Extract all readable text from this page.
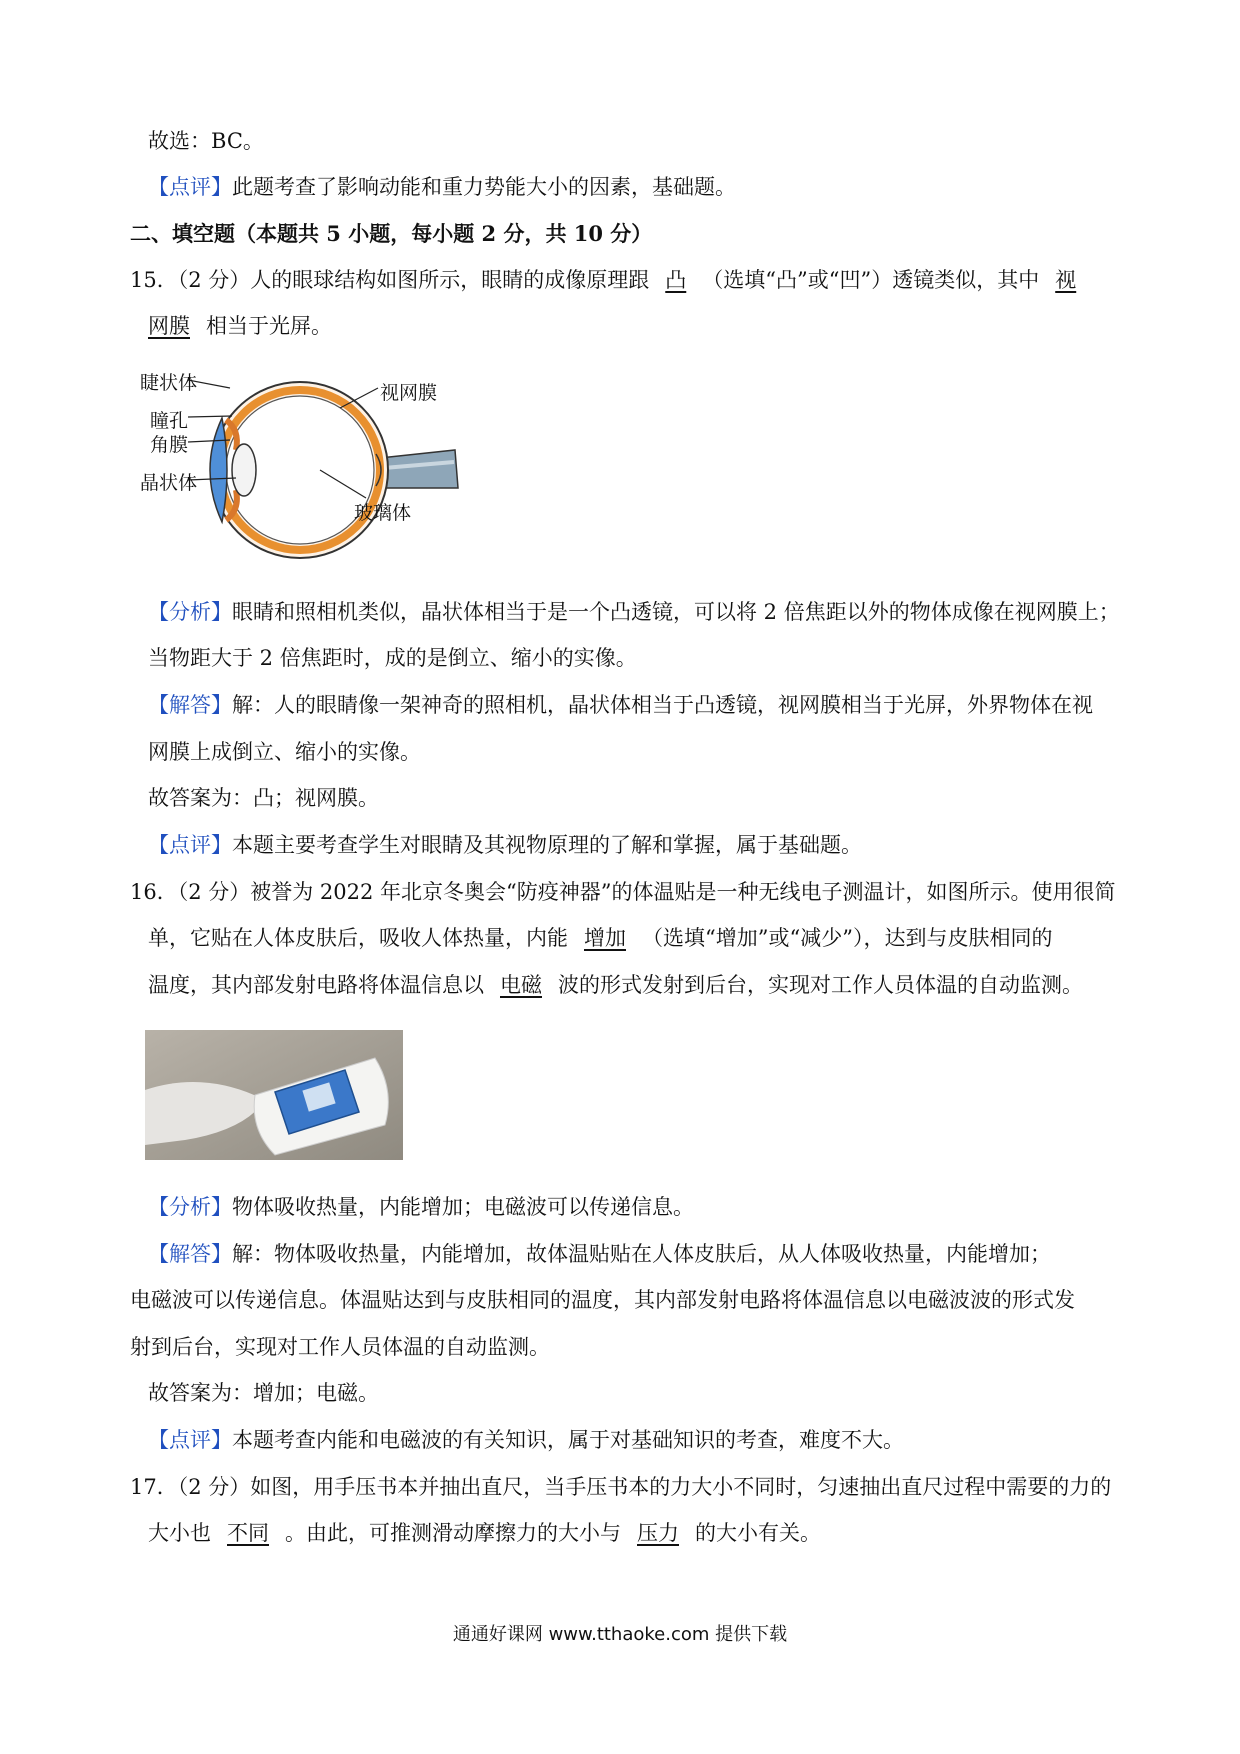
故选：BC。
【点评】此题考查了影响动能和重力势能大小的因素，基础题。
二、填空题（本题共 5 小题，每小题 2 分，共 10 分）
15．（2 分）人的眼球结构如图所示，眼睛的成像原理跟 凸 （选填“凸”或“凹”）透镜类似，其中 视
网膜 相当于光屏。
睫状体
瞳孔
角膜
晶状体
视网膜
玻璃体
【分析】眼睛和照相机类似，晶状体相当于是一个凸透镜，可以将 2 倍焦距以外的物体成像在视网膜上；
当物距大于 2 倍焦距时，成的是倒立、缩小的实像。
【解答】解：人的眼睛像一架神奇的照相机，晶状体相当于凸透镜，视网膜相当于光屏，外界物体在视
网膜上成倒立、缩小的实像。
故答案为：凸；视网膜。
【点评】本题主要考查学生对眼睛及其视物原理的了解和掌握，属于基础题。
16．（2 分）被誉为 2022 年北京冬奥会“防疫神器”的体温贴是一种无线电子测温计，如图所示。使用很简
单，它贴在人体皮肤后，吸收人体热量，内能 增加 （选填“增加”或“减少”），达到与皮肤相同的
温度，其内部发射电路将体温信息以 电磁 波的形式发射到后台，实现对工作人员体温的自动监测。
【分析】物体吸收热量，内能增加；电磁波可以传递信息。
【解答】解：物体吸收热量，内能增加，故体温贴贴在人体皮肤后，从人体吸收热量，内能增加；
电磁波可以传递信息。体温贴达到与皮肤相同的温度，其内部发射电路将体温信息以电磁波波的形式发
射到后台，实现对工作人员体温的自动监测。
故答案为：增加；电磁。
【点评】本题考查内能和电磁波的有关知识，属于对基础知识的考查，难度不大。
17．（2 分）如图，用手压书本并抽出直尺，当手压书本的力大小不同时，匀速抽出直尺过程中需要的力的
大小也 不同 。由此，可推测滑动摩擦力的大小与 压力 的大小有关。
通通好课网 www.tthaoke.com 提供下载
